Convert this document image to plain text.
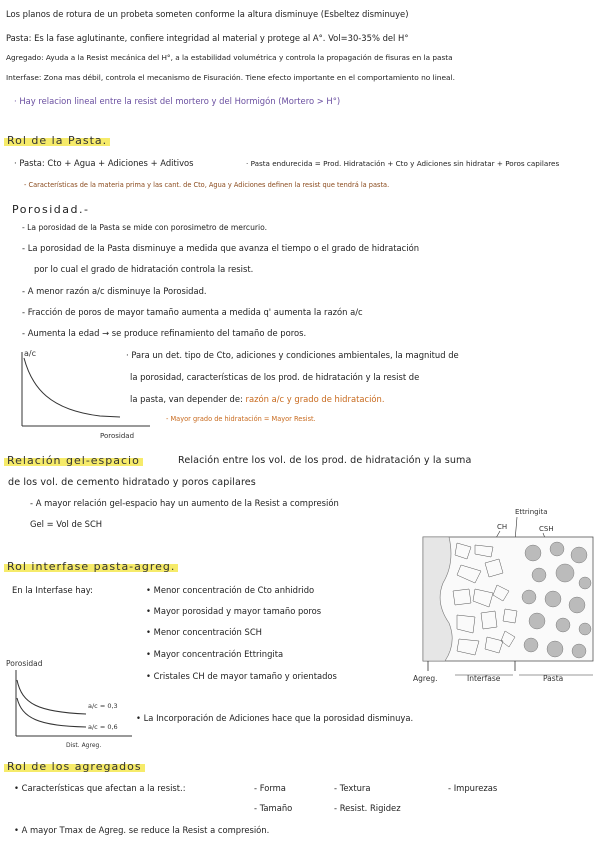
Los planos de rotura de un probeta someten conforme la altura disminuye (Esbeltez disminuye)
Pasta: Es la fase aglutinante, confiere integridad al material y protege al A°. Vol=30-35% del H°
Agregado: Ayuda a la Resist mecánica del H°, a la estabilidad volumétrica y controla la propagación de fisuras en la pasta
Interfase: Zona mas débil, controla el mecanismo de Fisuración. Tiene efecto importante en el comportamiento no lineal.
· Hay relacion lineal entre la resist del mortero y del Hormigón (Mortero > H°)
Rol de la Pasta.
· Pasta: Cto + Agua + Adiciones + Aditivos	· Pasta endurecida = Prod. Hidratación + Cto y Adiciones sin hidratar + Poros capilares
- Características de la materia prima y las cant. de Cto, Agua y Adiciones definen la resist que tendrá la pasta.
Porosidad.-
- La porosidad de la Pasta se mide con porosimetro de mercurio.
- La porosidad de la Pasta disminuye a medida que avanza el tiempo o el grado de hidratación
por lo cual el grado de hidratación controla la resist.
- A menor razón a/c disminuye la Porosidad.
- Fracción de poros de mayor tamaño aumenta a medida q' aumenta la razón a/c
- Aumenta la edad → se produce refinamiento del tamaño de poros.
a/c
Porosidad
· Para un det. tipo de Cto, adiciones y condiciones ambientales, la magnitud de
la porosidad, características de los prod. de hidratación y la resist de
la pasta, van depender de: razón a/c y grado de hidratación.
- Mayor grado de hidratación = Mayor Resist.
Relación gel-espacio	Relación entre los vol. de los prod. de hidratación y la suma
de los vol. de cemento hidratado y poros capilares
- A mayor relación gel-espacio hay un aumento de la Resist a compresión
Gel = Vol de SCH
Rol interfase pasta-agreg.
En la Interfase hay:	• Menor concentración de Cto anhidrido
• Mayor porosidad y mayor tamaño poros
• Menor concentración SCH
• Mayor concentración Ettringita
• Cristales CH de mayor tamaño y orientados
Porosidad
a/c = 0,3
a/c = 0,6
Dist. Agreg.
• La Incorporación de Adiciones hace que la porosidad disminuya.
Ettringita
CH	CSH
Agreg.	Interfase	Pasta
Rol de los agregados
• Características que afectan a la resist.:	- Forma	- Textura	- Impurezas
- Tamaño	- Resist. Rigidez
• A mayor Tmax de Agreg. se reduce la Resist a compresión.
